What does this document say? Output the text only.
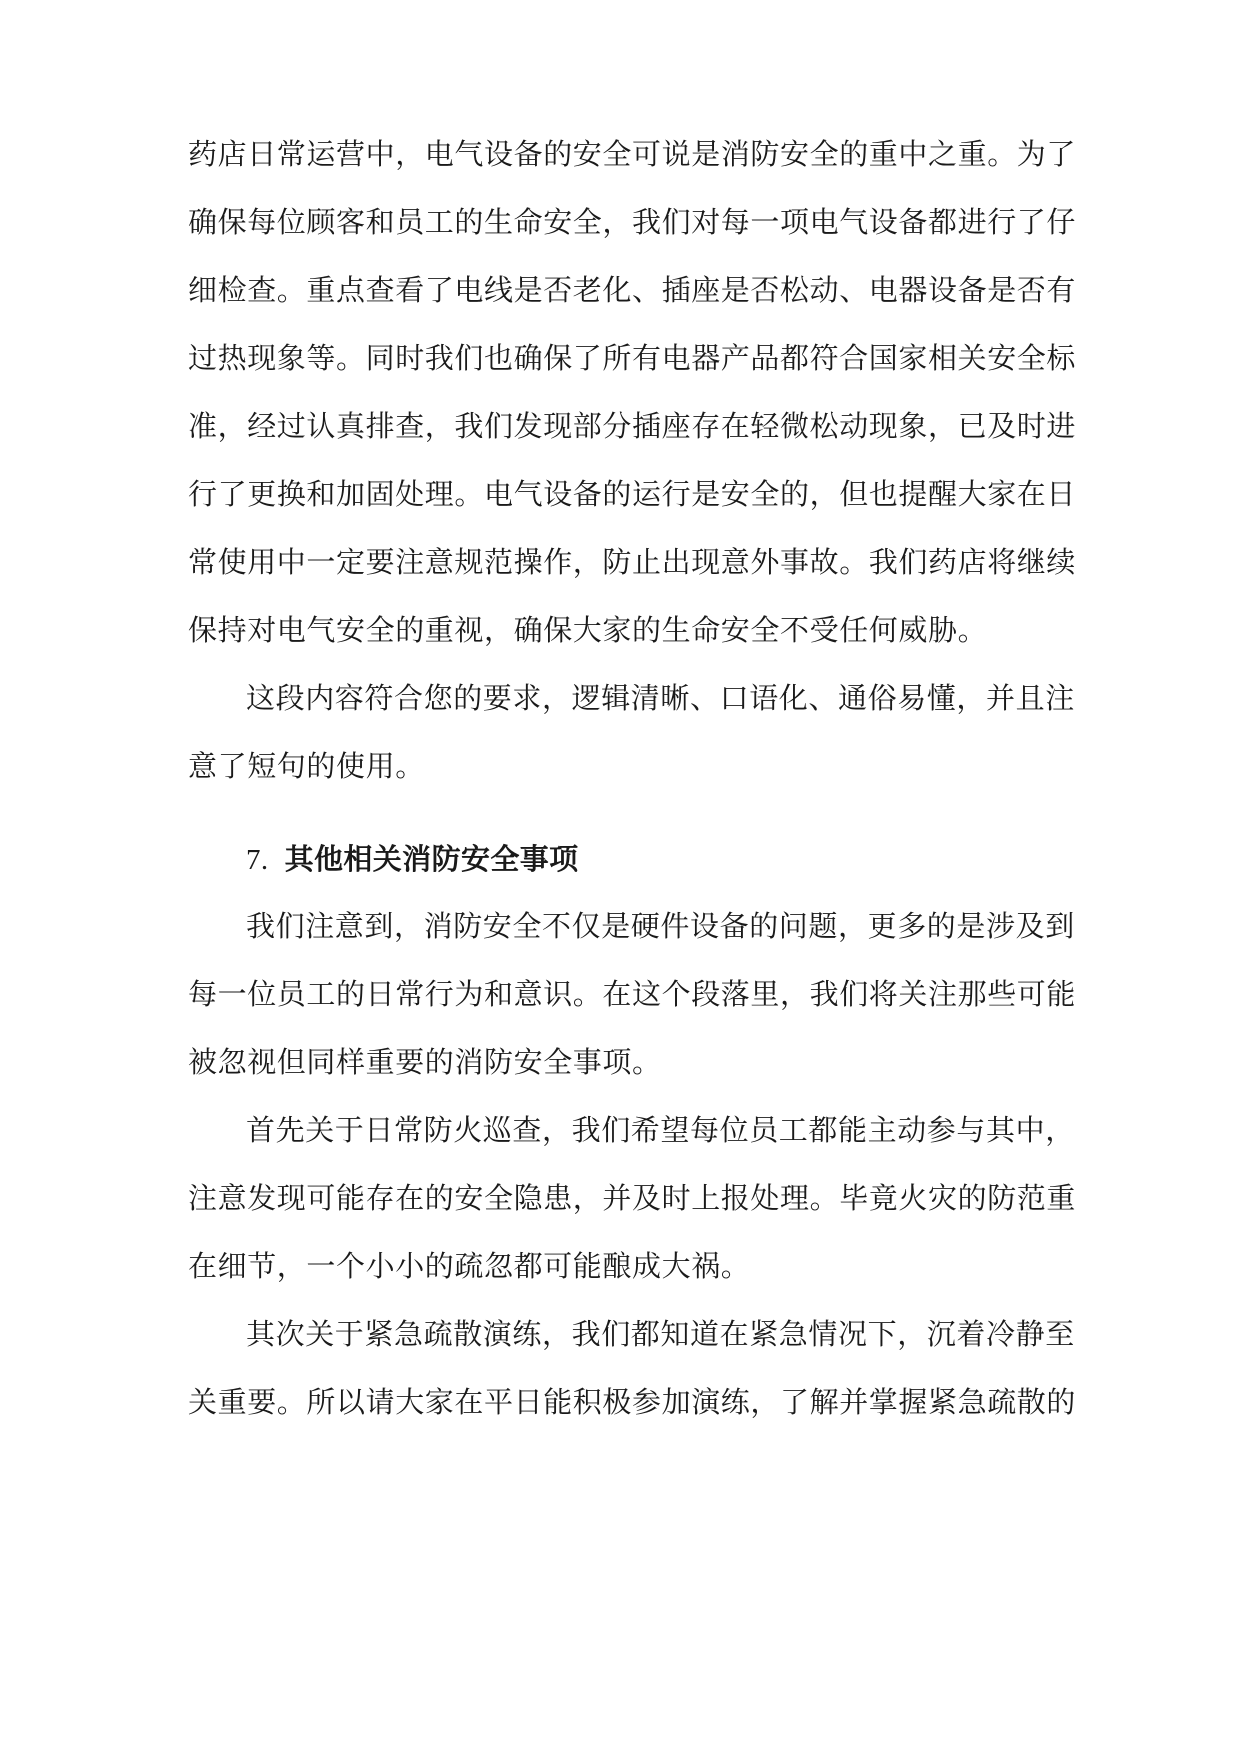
药店日常运营中，电气设备的安全可说是消防安全的重中之重。为了
确保每位顾客和员工的生命安全，我们对每一项电气设备都进行了仔
细检查。重点查看了电线是否老化、插座是否松动、电器设备是否有
过热现象等。同时我们也确保了所有电器产品都符合国家相关安全标
准，经过认真排查，我们发现部分插座存在轻微松动现象，已及时进
行了更换和加固处理。电气设备的运行是安全的，但也提醒大家在日
常使用中一定要注意规范操作，防止出现意外事故。我们药店将继续
保持对电气安全的重视，确保大家的生命安全不受任何威胁。
这段内容符合您的要求，逻辑清晰、口语化、通俗易懂，并且注
意了短句的使用。
7. 其他相关消防安全事项
我们注意到，消防安全不仅是硬件设备的问题，更多的是涉及到
每一位员工的日常行为和意识。在这个段落里，我们将关注那些可能
被忽视但同样重要的消防安全事项。
首先关于日常防火巡查，我们希望每位员工都能主动参与其中，
注意发现可能存在的安全隐患，并及时上报处理。毕竟火灾的防范重
在细节，一个小小的疏忽都可能酿成大祸。
其次关于紧急疏散演练，我们都知道在紧急情况下，沉着冷静至
关重要。所以请大家在平日能积极参加演练，了解并掌握紧急疏散的
